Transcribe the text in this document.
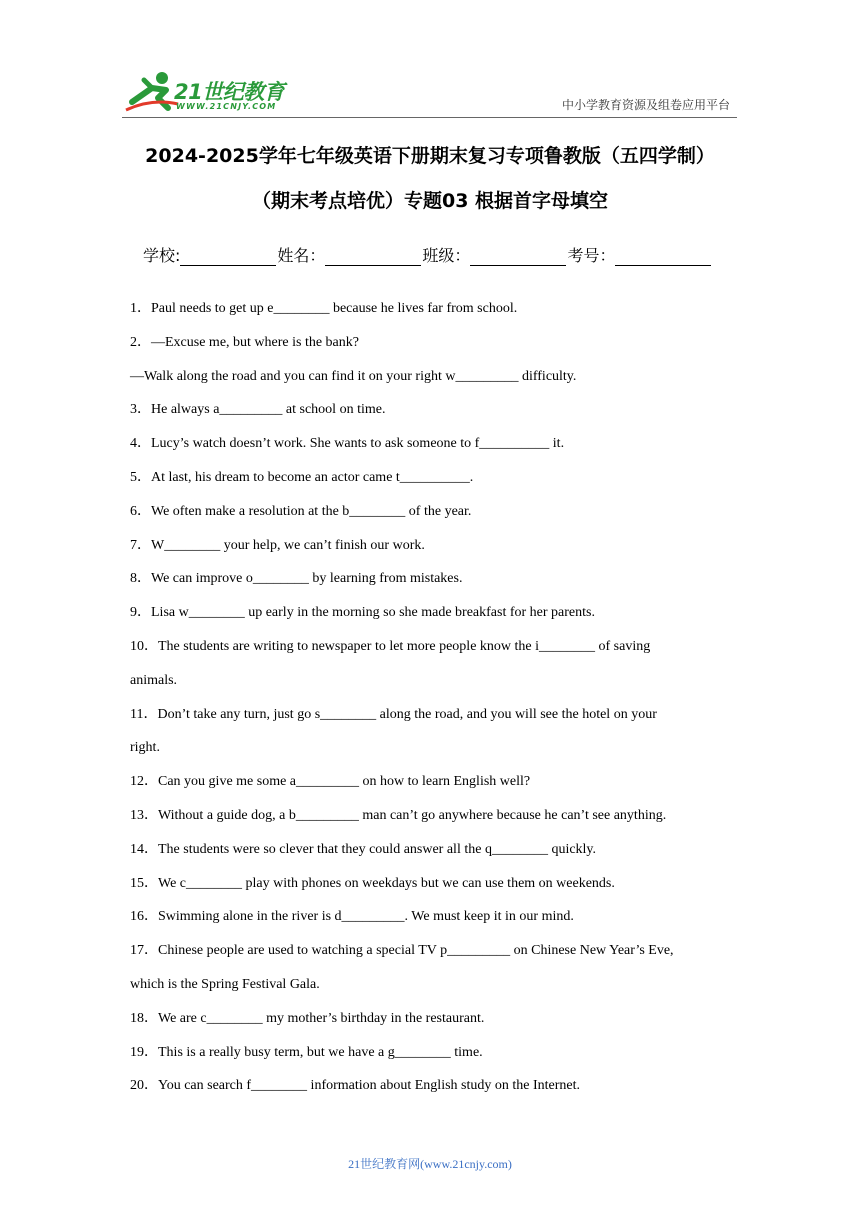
21世纪教育
WWW.21CNJY.COM	中小学教育资源及组卷应用平台
2024-2025学年七年级英语下册期末复习专项鲁教版（五四学制）
（期末考点培优）专题03 根据首字母填空
学校:	姓名：	班级：	考号：
1．Paul needs to get up e________ because he lives far from school.
2．—Excuse me, but where is the bank?
—Walk along the road and you can find it on your right w_________ difficulty.
3．He always a_________ at school on time.
4．Lucy’s watch doesn’t work. She wants to ask someone to f__________ it.
5．At last, his dream to become an actor came t__________.
6．We often make a resolution at the b________ of the year.
7．W________ your help, we can’t finish our work.
8．We can improve o________ by learning from mistakes.
9．Lisa w________ up early in the morning so she made breakfast for her parents.
10．The students are writing to newspaper to let more people know the i________ of saving
animals.
11．Don’t take any turn, just go s________ along the road, and you will see the hotel on your
right.
12．Can you give me some a_________ on how to learn English well?
13．Without a guide dog, a b_________ man can’t go anywhere because he can’t see anything.
14．The students were so clever that they could answer all the q________ quickly.
15．We c________ play with phones on weekdays but we can use them on weekends.
16．Swimming alone in the river is d_________. We must keep it in our mind.
17．Chinese people are used to watching a special TV p_________ on Chinese New Year’s Eve,
which is the Spring Festival Gala.
18．We are c________ my mother’s birthday in the restaurant.
19．This is a really busy term, but we have a g________ time.
20．You can search f________ information about English study on the Internet.
21世纪教育网(www.21cnjy.com)
